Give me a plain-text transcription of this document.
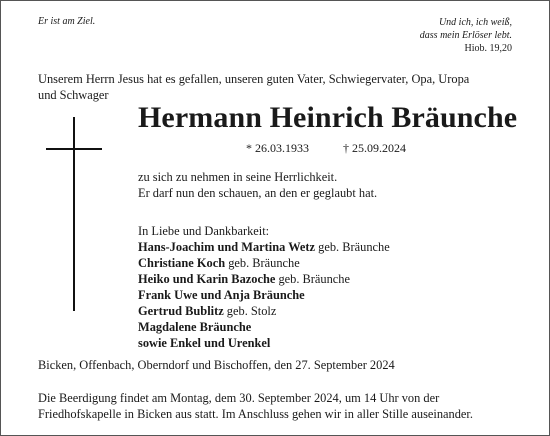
Er ist am Ziel.	Und ich, ich weiß,
dass mein Erlöser lebt.
Hiob. 19,20
Unserem Herrn Jesus hat es gefallen, unseren guten Vater, Schwiegervater, Opa, Uropa
und Schwager
Hermann Heinrich Bräunche
* 26.03.1933	† 25.09.2024
zu sich zu nehmen in seine Herrlichkeit.
Er darf nun den schauen, an den er geglaubt hat.
In Liebe und Dankbarkeit:
Hans-Joachim und Martina Wetz geb. Bräunche
Christiane Koch geb. Bräunche
Heiko und Karin Bazoche geb. Bräunche
Frank Uwe und Anja Bräunche
Gertrud Bublitz geb. Stolz
Magdalene Bräunche
sowie Enkel und Urenkel
Bicken, Offenbach, Oberndorf und Bischoffen, den 27. September 2024
Die Beerdigung findet am Montag, dem 30. September 2024, um 14 Uhr von der
Friedhofskapelle in Bicken aus statt. Im Anschluss gehen wir in aller Stille auseinander.
